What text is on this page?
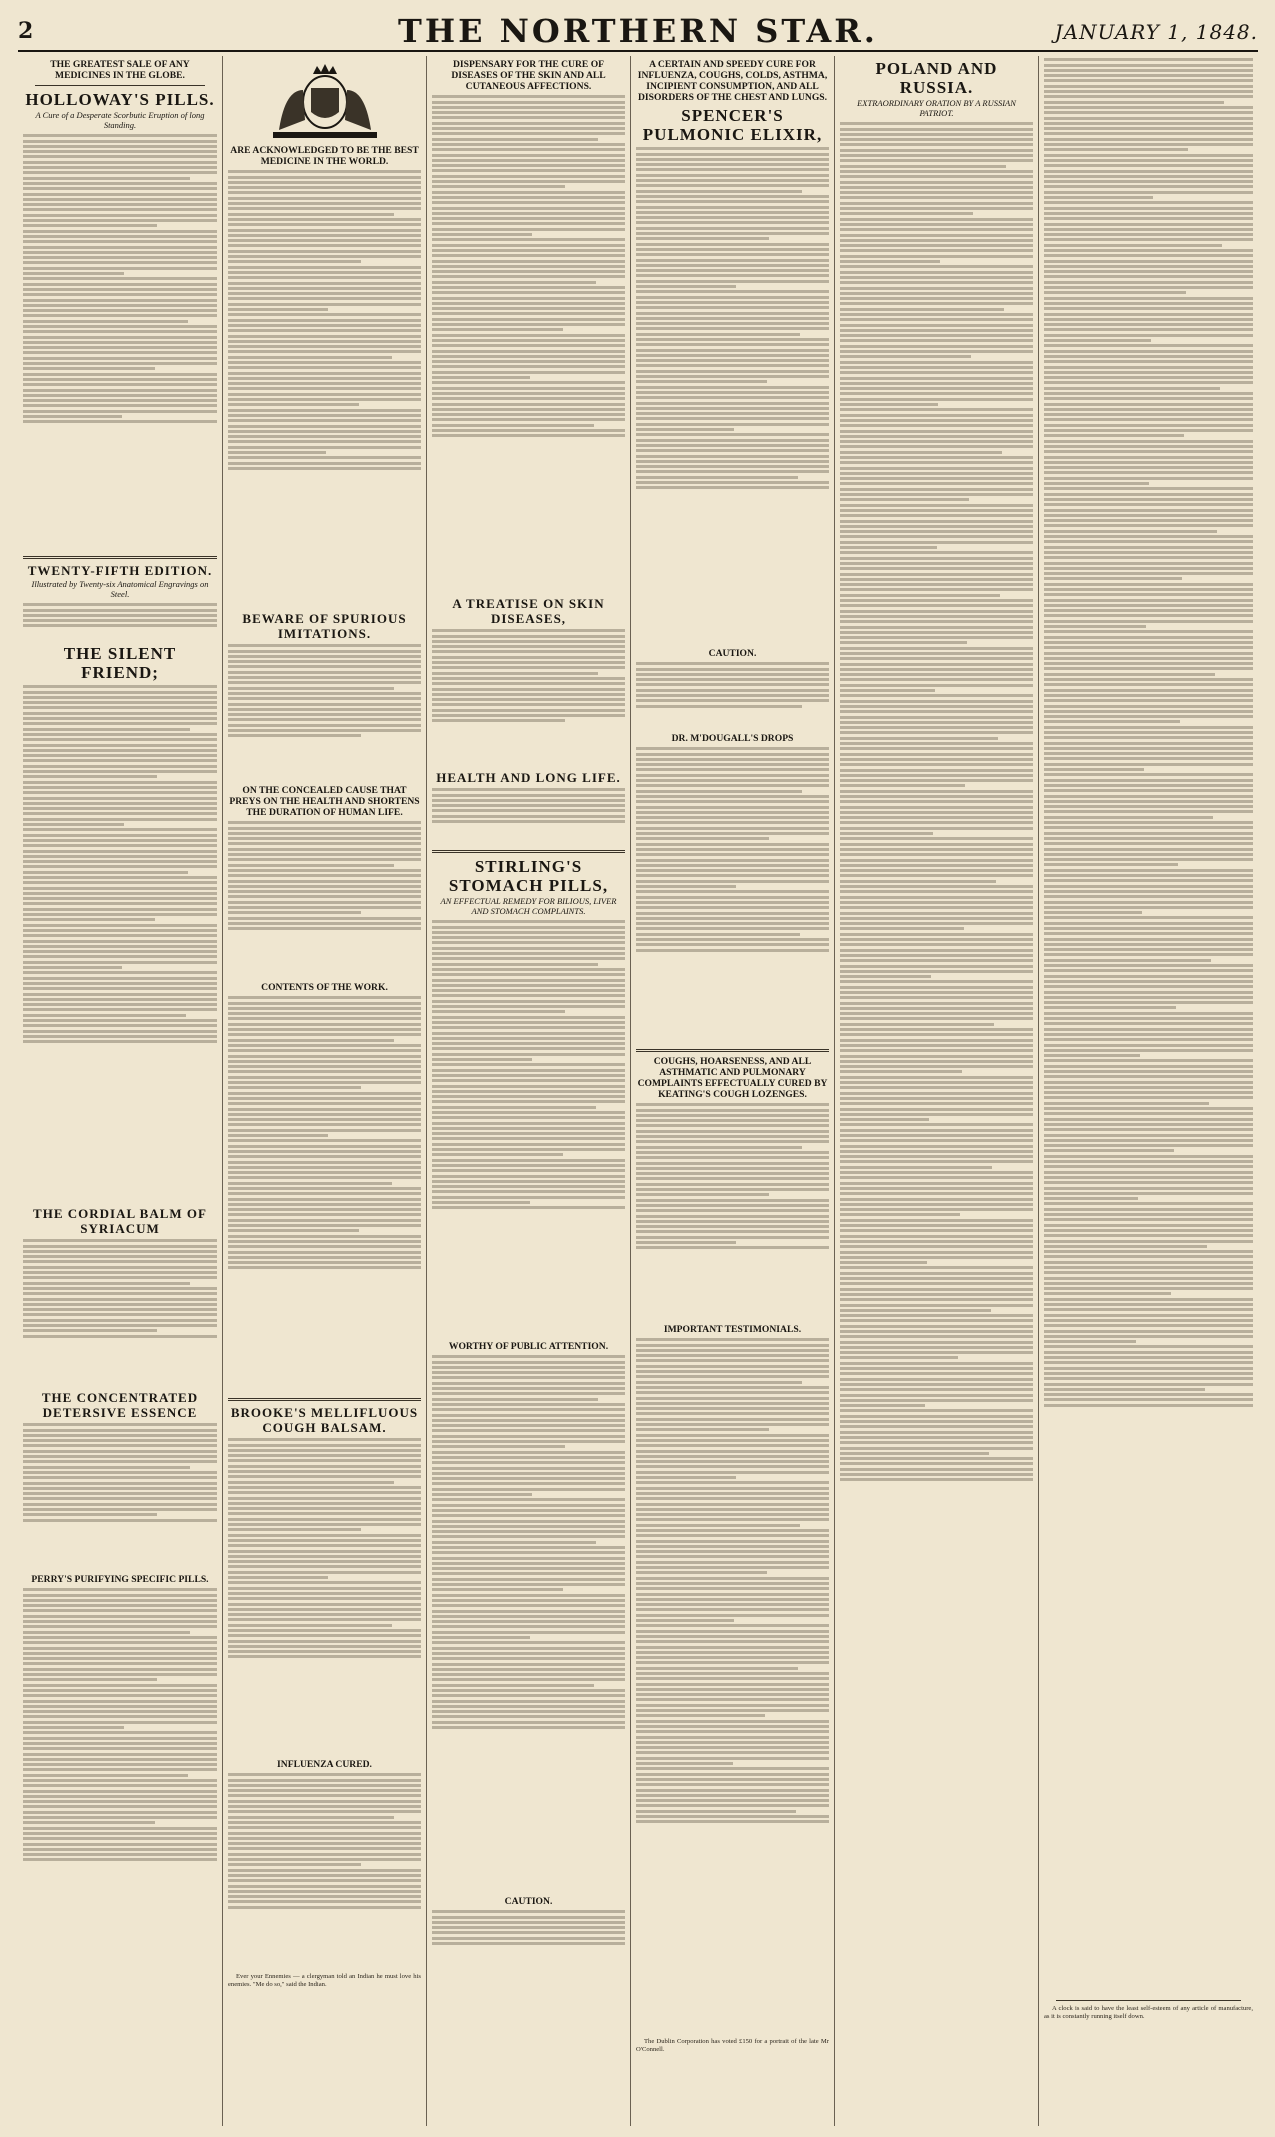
2	THE NORTHERN STAR.	JANUARY 1, 1848.
THE GREATEST SALE OF ANY MEDICINES IN THE GLOBE.
HOLLOWAY'S PILLS.
A Cure of a Desperate Scorbutic Eruption of long Standing.
TWENTY-FIFTH EDITION.
Illustrated by Twenty-six Anatomical Engravings on Steel.
THE SILENT FRIEND;
THE CORDIAL BALM OF SYRIACUM
THE CONCENTRATED DETERSIVE ESSENCE
PERRY'S PURIFYING SPECIFIC PILLS.
ARE ACKNOWLEDGED TO BE THE BEST MEDICINE IN THE WORLD.
BEWARE OF SPURIOUS IMITATIONS.
ON THE CONCEALED CAUSE THAT PREYS ON THE HEALTH AND SHORTENS THE DURATION OF HUMAN LIFE.
CONTENTS OF THE WORK.
BROOKE'S MELLIFLUOUS COUGH BALSAM.
INFLUENZA CURED.
Ever your Ennemies — a clergyman told an Indian he must love his enemies. "Me do so," said the Indian.
DISPENSARY FOR THE CURE OF DISEASES OF THE SKIN AND ALL CUTANEOUS AFFECTIONS.
A TREATISE ON SKIN DISEASES,
HEALTH AND LONG LIFE.
STIRLING'S STOMACH PILLS,
AN EFFECTUAL REMEDY FOR BILIOUS, LIVER AND STOMACH COMPLAINTS.
WORTHY OF PUBLIC ATTENTION.
CAUTION.
A CERTAIN AND SPEEDY CURE FOR INFLUENZA, COUGHS, COLDS, ASTHMA, INCIPIENT CONSUMPTION, AND ALL DISORDERS OF THE CHEST AND LUNGS.
SPENCER'S PULMONIC ELIXIR,
CAUTION.
DR. M'DOUGALL'S DROPS
COUGHS, HOARSENESS, AND ALL ASTHMATIC AND PULMONARY COMPLAINTS EFFECTUALLY CURED BY KEATING'S COUGH LOZENGES.
IMPORTANT TESTIMONIALS.
The Dublin Corporation has voted £150 for a portrait of the late Mr O'Connell.
POLAND AND RUSSIA.
EXTRAORDINARY ORATION BY A RUSSIAN PATRIOT.
A clock is said to have the least self-esteem of any article of manufacture, as it is constantly running itself down.
